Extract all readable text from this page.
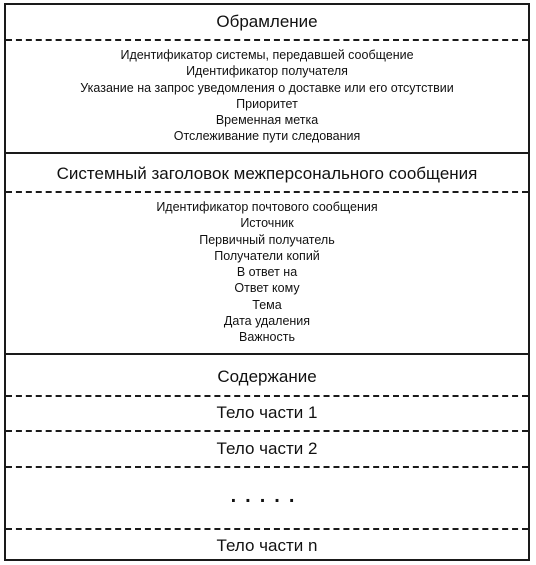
Обрамление
Идентификатор системы, передавшей сообщение
Идентификатор получателя
Указание на запрос уведомления о доставке или его отсутствии
Приоритет
Временная метка
Отслеживание пути следования
Системный заголовок межперсонального сообщения
Идентификатор почтового сообщения
Источник
Первичный получатель
Получатели копий
В ответ на
Ответ кому
Тема
Дата удаления
Важность
Содержание
Тело части 1
Тело части 2
.....
Тело части n
